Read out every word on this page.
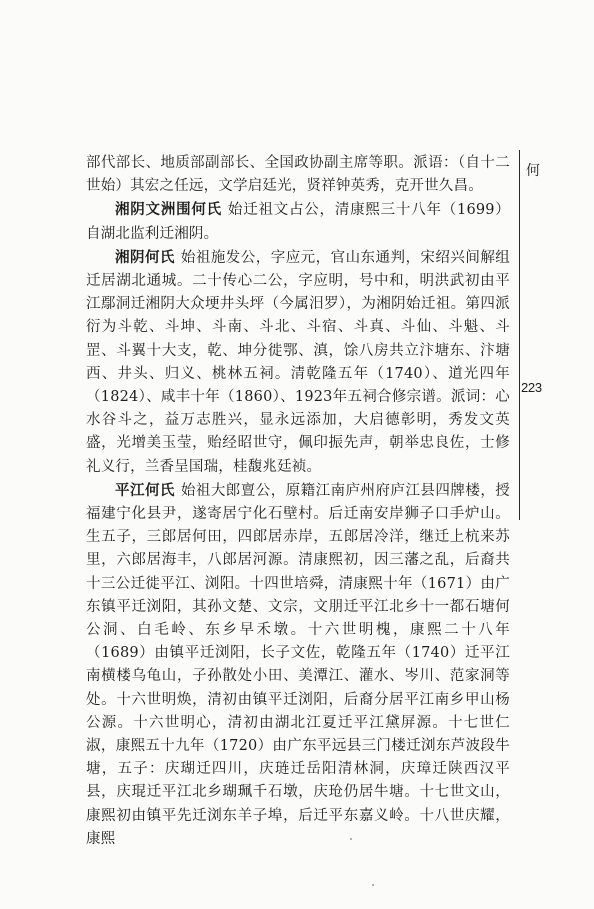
部代部长、地质部副部长、全国政协副主席等职。派语：（自十二世始）其宏之任远，文学启廷光，贤祥钟英秀，克开世久昌。

湘阴文洲围何氏 始迁祖文占公，清康熙三十八年（1699）自湖北监利迁湘阴。

湘阴何氏 始祖施发公，字应元，官山东通判，宋绍兴间解组迁居湖北通城。二十传心二公，字应明，号中和，明洪武初由平江鄢洞迁湘阴大众埂井头坪（今属汨罗），为湘阴始迁祖。第四派衍为斗乾、斗坤、斗南、斗北、斗宿、斗真、斗仙、斗魁、斗罡、斗翼十大支，乾、坤分徙鄂、滇，馀八房共立汴塘东、汴塘西、井头、归义、桃林五祠。清乾隆五年（1740）、道光四年（1824）、咸丰十年（1860）、1923年五祠合修宗谱。派词：心水谷斗之，益万志胜兴，显永远添加，大启德彰明，秀发文英盛，光增美玉莹，贻经昭世守，佩印振先声，朝举忠良佐，士修礼义行，兰香呈国瑞，桂馥兆廷祯。

平江何氏 始祖大郎亶公，原籍江南庐州府庐江县四牌楼，授福建宁化县尹，遂寄居宁化石壁村。后迁南安岸狮子口手炉山。生五子，三郎居何田，四郎居赤岸，五郎居冷洋，继迁上杭来苏里，六郎居海丰，八郎居河源。清康熙初，因三藩之乱，后裔共十三公迁徙平江、浏阳。十四世培舜，清康熙十年（1671）由广东镇平迁浏阳，其孙文楚、文宗，文朋迁平江北乡十一都石塘何公洞、白毛岭、东乡早禾墩。十六世明槐，康熙二十八年（1689）由镇平迁浏阳，长子文佐，乾隆五年（1740）迁平江南横楼乌龟山，子孙散处小田、美潭江、灌水、岑川、范家洞等处。十六世明焕，清初由镇平迁浏阳，后裔分居平江南乡甲山杨公源。十六世明心，清初由湖北江夏迁平江黛屏源。十七世仁淑，康熙五十九年（1720）由广东平远县三门楼迁浏东芦波段牛塘，五子：庆瑚迁四川，庆琏迁岳阳清林洞，庆璋迁陕西汉平县，庆琨迁平江北乡瑚珮千石墩，庆玱仍居牛塘。十七世文山，康熙初由镇平先迁浏东羊子埠，后迁平东嘉义岭。十八世庆耀，康熙

何
223
